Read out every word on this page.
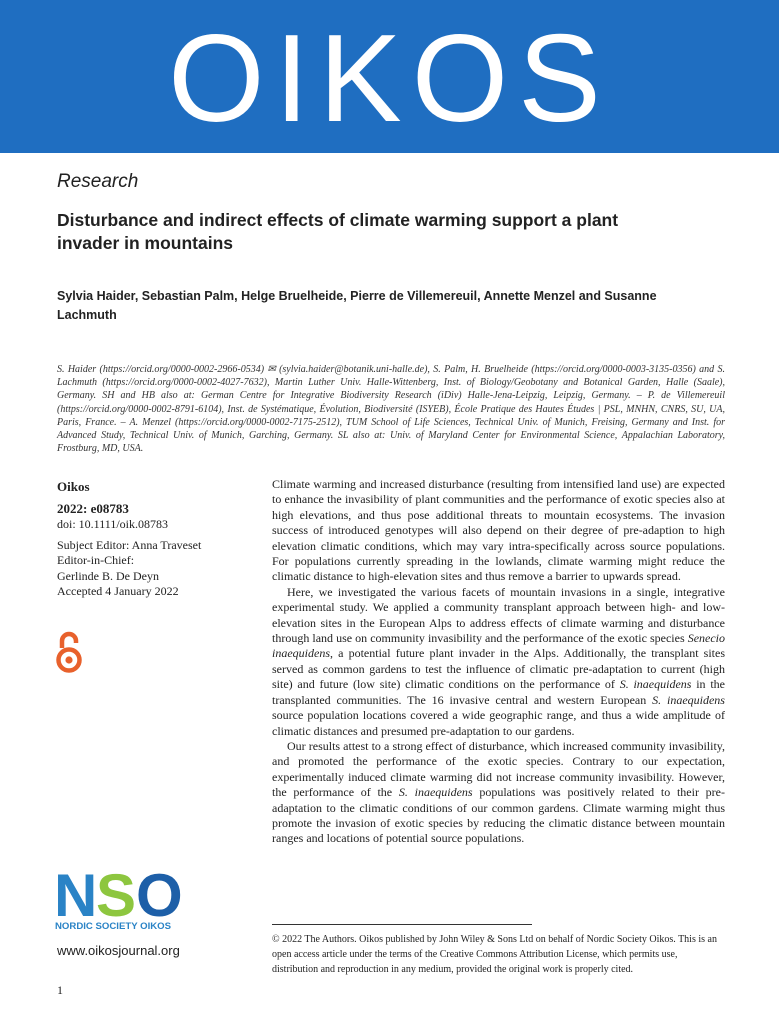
OIKOS
Research
Disturbance and indirect effects of climate warming support a plant invader in mountains

Sylvia Haider, Sebastian Palm, Helge Bruelheide, Pierre de Villemereuil, Annette Menzel and Susanne Lachmuth

S. Haider (https://orcid.org/0000-0002-2966-0534) ✉ (sylvia.haider@botanik.uni-halle.de), S. Palm, H. Bruelheide (https://orcid.org/0000-0003-3135-0356) and S. Lachmuth (https://orcid.org/0000-0002-4027-7632), Martin Luther Univ. Halle-Wittenberg, Inst. of Biology/Geobotany and Botanical Garden, Halle (Saale), Germany. SH and HB also at: German Centre for Integrative Biodiversity Research (iDiv) Halle-Jena-Leipzig, Leipzig, Germany. – P. de Villemereuil (https://orcid.org/0000-0002-8791-6104), Inst. de Systématique, Évolution, Biodiversité (ISYEB), École Pratique des Hautes Études | PSL, MNHN, CNRS, SU, UA, Paris, France. – A. Menzel (https://orcid.org/0000-0002-7175-2512), TUM School of Life Sciences, Technical Univ. of Munich, Freising, Germany and Inst. for Advanced Study, Technical Univ. of Munich, Garching, Germany. SL also at: Univ. of Maryland Center for Environmental Science, Appalachian Laboratory, Frostburg, MD, USA.

Oikos
2022: e08783
doi: 10.1111/oik.08783
Subject Editor: Anna Traveset
Editor-in-Chief:
Gerlinde B. De Deyn
Accepted 4 January 2022

Climate warming and increased disturbance (resulting from intensified land use) are expected to enhance the invasibility of plant communities and the performance of exotic species also at high elevations, and thus pose additional threats to mountain ecosystems. The invasion success of introduced genotypes will also depend on their degree of pre-adaption to high elevation climatic conditions, which may vary intra-specifically across source populations. For populations currently spreading in the lowlands, climate warming might reduce the climatic distance to high-elevation sites and thus remove a barrier to upwards spread.

Here, we investigated the various facets of mountain invasions in a single, integrative experimental study. We applied a community transplant approach between high- and low-elevation sites in the European Alps to address effects of climate warming and disturbance through land use on community invasibility and the performance of the exotic species Senecio inaequidens, a potential future plant invader in the Alps. Additionally, the transplant sites served as common gardens to test the influence of climatic pre-adaptation to current (high site) and future (low site) climatic conditions on the performance of S. inaequidens in the transplanted communities. The 16 invasive central and western European S. inaequidens source population locations covered a wide geographic range, and thus a wide amplitude of climatic distances and presumed pre-adaptation to our gardens.

Our results attest to a strong effect of disturbance, which increased community invasibility, and promoted the performance of the exotic species. Contrary to our expectation, experimentally induced climate warming did not increase community invasibility. However, the performance of the S. inaequidens populations was positively related to their pre-adaptation to the climatic conditions of our common gardens. Climate warming might thus promote the invasion of exotic species by reducing the climatic distance between mountain ranges and locations of potential source populations.

N S O
NORDIC SOCIETY OIKOS
www.oikosjournal.org
1

© 2022 The Authors. Oikos published by John Wiley & Sons Ltd on behalf of Nordic Society Oikos. This is an open access article under the terms of the Creative Commons Attribution License, which permits use, distribution and reproduction in any medium, provided the original work is properly cited.
